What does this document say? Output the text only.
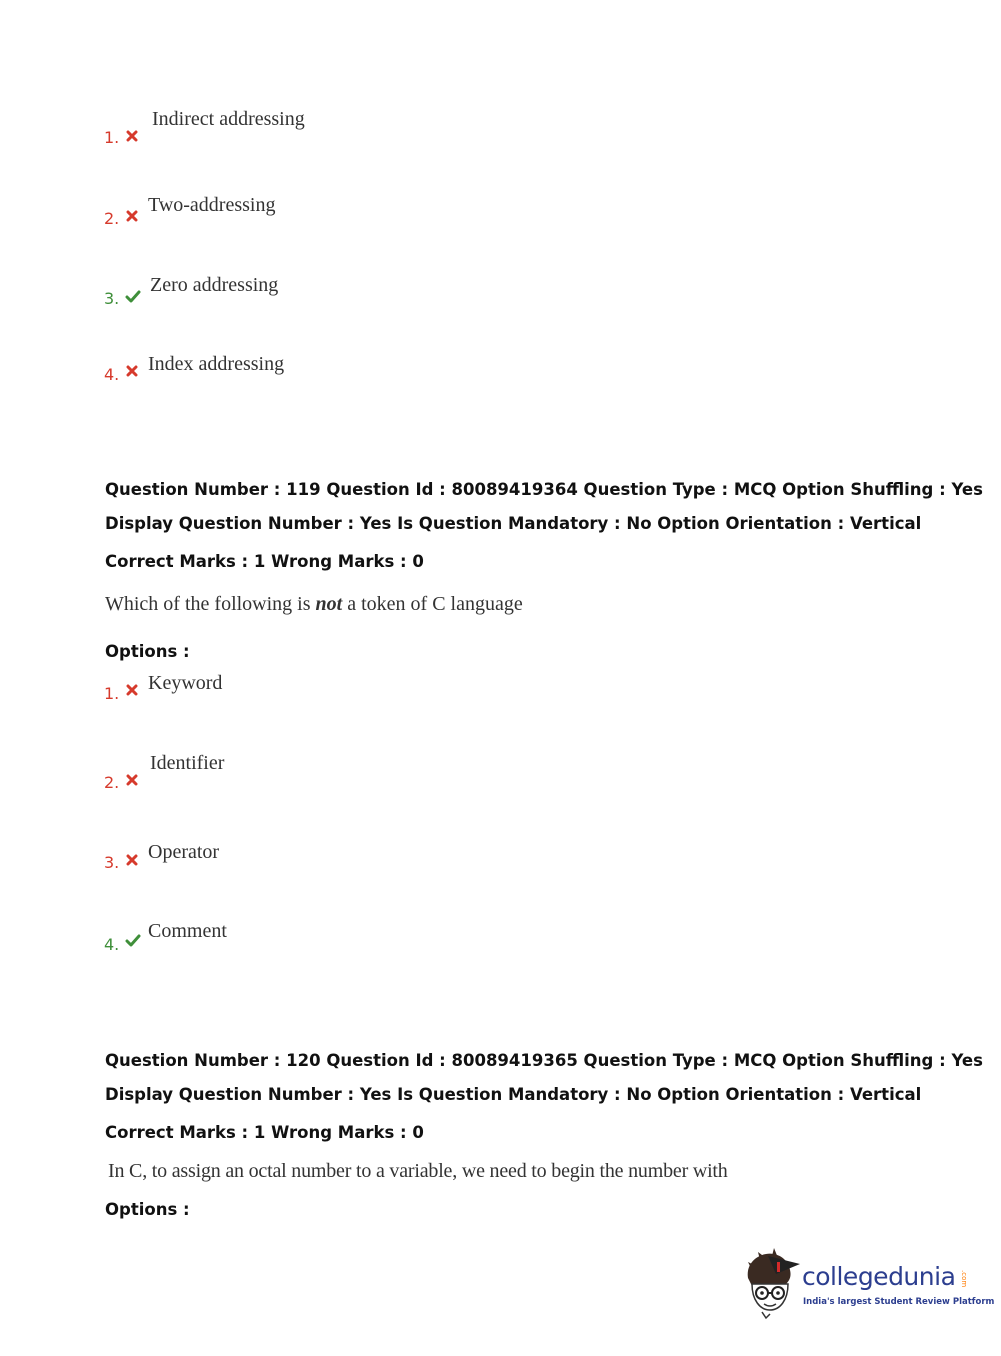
1.
Indirect addressing
2.
Two-addressing
3.
Zero addressing
4. Index addressing
Question Number : 119 Question Id : 80089419364 Question Type : MCQ Option Shuffling : Yes
Display Question Number : Yes Is Question Mandatory : No Option Orientation : Vertical
Correct Marks : 1 Wrong Marks : 0
Which of the following is not a token of C language
Options :
1. Keyword
2.
Identifier
3. Operator
4.
Comment
Question Number : 120 Question Id : 80089419365 Question Type : MCQ Option Shuffling : Yes
Display Question Number : Yes Is Question Mandatory : No Option Orientation : Vertical
Correct Marks : 1 Wrong Marks : 0
In C, to assign an octal number to a variable, we need to begin the number with
Options :
collegedunia .com
India's largest Student Review Platform
